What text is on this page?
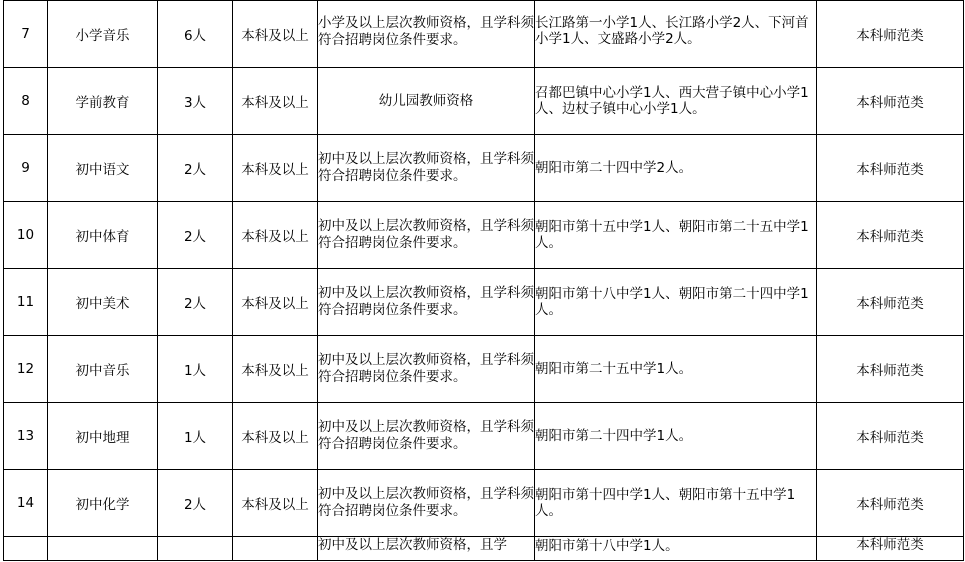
7	小学音乐	6人	本科及以上	小学及以上层次教师资格，且学科须符合招聘岗位条件要求。	长江路第一小学1人、长江路小学2人、下河首小学1人、文盛路小学2人。	本科师范类
8	学前教育	3人	本科及以上	幼儿园教师资格	召都巴镇中心小学1人、西大营子镇中心小学1人、边杖子镇中心小学1人。	本科师范类
9	初中语文	2人	本科及以上	初中及以上层次教师资格，且学科须符合招聘岗位条件要求。	朝阳市第二十四中学2人。	本科师范类
10	初中体育	2人	本科及以上	初中及以上层次教师资格，且学科须符合招聘岗位条件要求。	朝阳市第十五中学1人、朝阳市第二十五中学1人。	本科师范类
11	初中美术	2人	本科及以上	初中及以上层次教师资格，且学科须符合招聘岗位条件要求。	朝阳市第十八中学1人、朝阳市第二十四中学1人。	本科师范类
12	初中音乐	1人	本科及以上	初中及以上层次教师资格，且学科须符合招聘岗位条件要求。	朝阳市第二十五中学1人。	本科师范类
13	初中地理	1人	本科及以上	初中及以上层次教师资格，且学科须符合招聘岗位条件要求。	朝阳市第二十四中学1人。	本科师范类
14	初中化学	2人	本科及以上	初中及以上层次教师资格，且学科须符合招聘岗位条件要求。	朝阳市第十四中学1人、朝阳市第十五中学1人。	本科师范类
				初中及以上层次教师资格，且学	朝阳市第十八中学1人。	本科师范类
